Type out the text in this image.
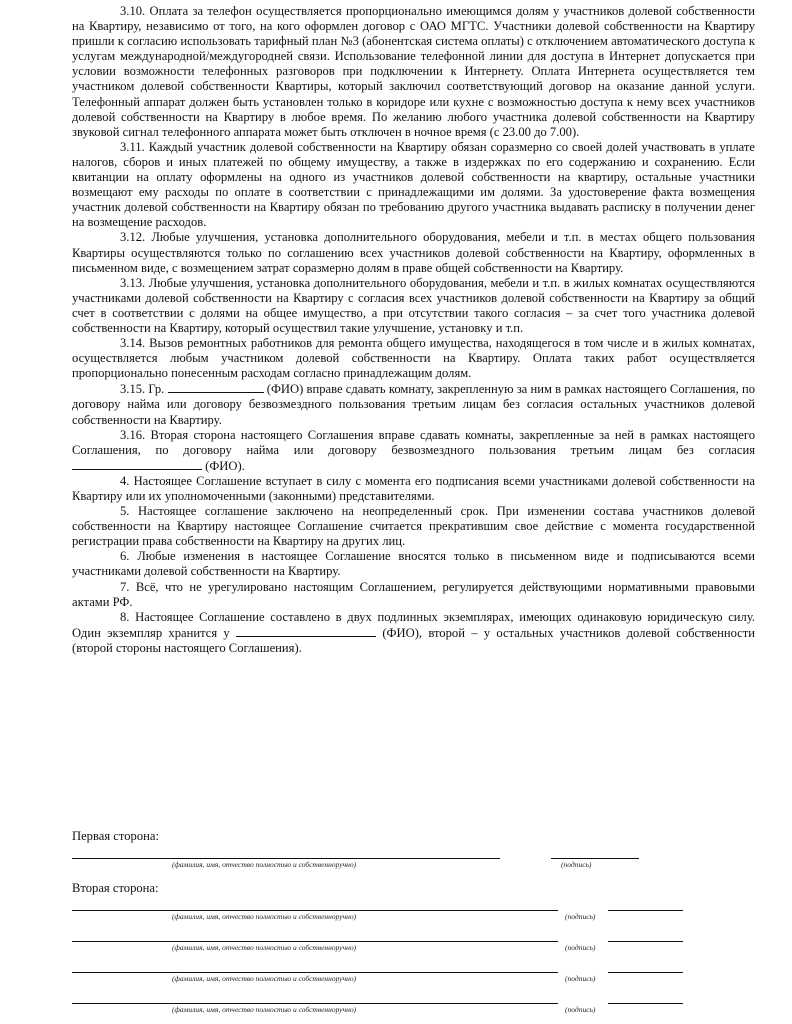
3.10. Оплата за телефон осуществляется пропорционально имеющимся долям у участников долевой собственности на Квартиру, независимо от того, на кого оформлен договор с ОАО МГТС. Участники долевой собственности на Квартиру пришли к согласию использовать тарифный план №3 (абонентская система оплаты) с отключением автоматического доступа к услугам международной/междугородней связи. Использование телефонной линии для доступа в Интернет допускается при условии возможности телефонных разговоров при подключении к Интернету. Оплата Интернета осуществляется тем участником долевой собственности Квартиры, который заключил соответствующий договор на оказание данной услуги. Телефонный аппарат должен быть установлен только в коридоре или кухне с возможностью доступа к нему всех участников долевой собственности на Квартиру в любое время. По желанию любого участника долевой собственности на Квартиру звуковой сигнал телефонного аппарата может быть отключен в ночное время (с 23.00 до 7.00).

3.11. Каждый участник долевой собственности на Квартиру обязан соразмерно со своей долей участвовать в уплате налогов, сборов и иных платежей по общему имуществу, а также в издержках по его содержанию и сохранению. Если квитанции на оплату оформлены на одного из участников долевой собственности на квартиру, остальные участники возмещают ему расходы по оплате в соответствии с принадлежащими им долями. За удостоверение факта возмещения участник долевой собственности на Квартиру обязан по требованию другого участника выдавать расписку в получении денег на возмещение расходов.

3.12. Любые улучшения, установка дополнительного оборудования, мебели и т.п. в местах общего пользования Квартиры осуществляются только по соглашению всех участников долевой собственности на Квартиру, оформленных в письменном виде, с возмещением затрат соразмерно долям в праве общей собственности на Квартиру.

3.13. Любые улучшения, установка дополнительного оборудования, мебели и т.п. в жилых комнатах осуществляются участниками долевой собственности на Квартиру с согласия всех участников долевой собственности на Квартиру за общий счет в соответствии с долями на общее имущество, а при отсутствии такого согласия – за счет того участника долевой собственности на Квартиру, который осуществил такие улучшение, установку и т.п.

3.14. Вызов ремонтных работников для ремонта общего имущества, находящегося в том числе и в жилых комнатах, осуществляется любым участником долевой собственности на Квартиру. Оплата таких работ осуществляется пропорционально понесенным расходам согласно принадлежащим долям.

3.15. Гр.	(ФИО) вправе сдавать комнату, закрепленную за ним в рамках настоящего Соглашения, по договору найма или договору безвозмездного пользования третьим лицам без согласия остальных участников долевой собственности на Квартиру.

3.16. Вторая сторона настоящего Соглашения вправе сдавать комнаты, закрепленные за ней в рамках настоящего Соглашения, по договору найма или договору безвозмездного пользования третьим лицам без согласия  (ФИО).

4. Настоящее Соглашение вступает в силу с момента его подписания всеми участниками долевой собственности на Квартиру или их уполномоченными (законными) представителями.

5. Настоящее соглашение заключено на неопределенный срок. При изменении состава участников долевой собственности на Квартиру настоящее Соглашение считается прекратившим свое действие с момента государственной регистрации права собственности на Квартиру на других лиц.

6. Любые изменения в настоящее Соглашение вносятся только в письменном виде и подписываются всеми участниками долевой собственности на Квартиру.

7. Всё, что не урегулировано настоящим Соглашением, регулируется действующими нормативными правовыми актами РФ.

8. Настоящее Соглашение составлено в двух подлинных экземплярах, имеющих одинаковую юридическую силу. Один экземпляр хранится у	(ФИО), второй – у остальных участников долевой собственности (второй стороны настоящего Соглашения).

Первая сторона:
(фамилия, имя, отчество полностью и собственноручно)	(подпись)
Вторая сторона:
(фамилия, имя, отчество полностью и собственноручно)	(подпись)
(фамилия, имя, отчество полностью и собственноручно)	(подпись)
(фамилия, имя, отчество полностью и собственноручно)	(подпись)
(фамилия, имя, отчество полностью и собственноручно)	(подпись)
